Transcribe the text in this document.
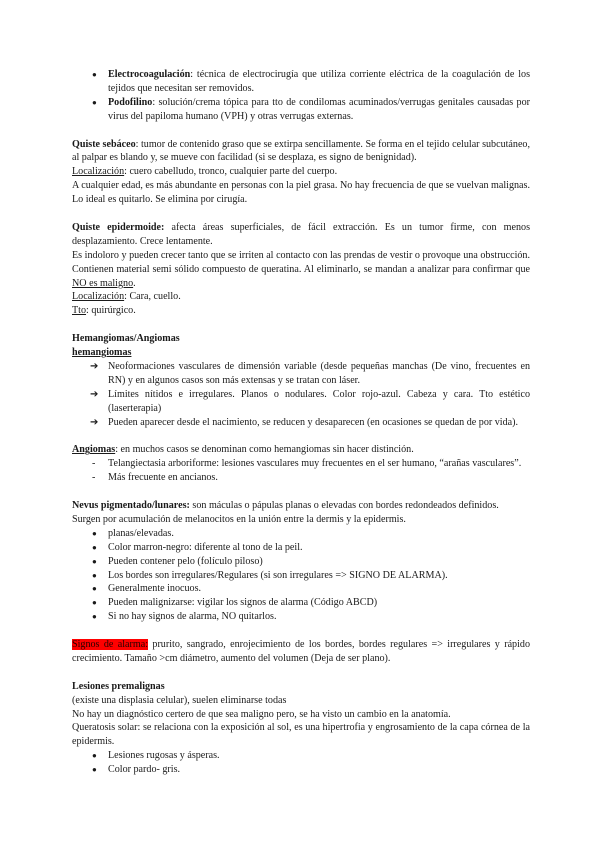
● Electrocoagulación: técnica de electrocirugía que utiliza corriente eléctrica de la coagulación de los tejidos que necesitan ser removidos.
● Podofilino: solución/crema tópica para tto de condilomas acuminados/verrugas genitales causadas por virus del papiloma humano (VPH) y otras verrugas externas.

Quiste sebáceo: tumor de contenido graso que se extirpa sencillamente. Se forma en el tejido celular subcutáneo, al palpar es blando y, se mueve con facilidad (si se desplaza, es signo de benignidad).

Localización: cuero cabelludo, tronco, cualquier parte del cuerpo.

A cualquier edad, es más abundante en personas con la piel grasa. No hay frecuencia de que se vuelvan malignas. Lo ideal es quitarlo. Se elimina por cirugía.

Quiste epidermoide: afecta áreas superficiales, de fácil extracción. Es un tumor firme, con menos desplazamiento. Crece lentamente.

Es indoloro y pueden crecer tanto que se irriten al contacto con las prendas de vestir o provoque una obstrucción. Contienen material semi sólido compuesto de queratina. Al eliminarlo, se mandan a analizar para confirmar que NO es maligno.

Localización: Cara, cuello.

Tto: quirúrgico.

Hemangiomas/Angiomas

hemangiomas

➔ Neoformaciones vasculares de dimensión variable (desde pequeñas manchas (De vino, frecuentes en RN) y en algunos casos son más extensas y se tratan con láser.
➔ Límites nítidos e irregulares. Planos o nodulares. Color rojo-azul. Cabeza y cara. Tto estético (laserterapia)
➔ Pueden aparecer desde el nacimiento, se reducen y desaparecen (en ocasiones se quedan de por vida).

Angiomas: en muchos casos se denominan como hemangiomas sin hacer distinción.

- Telangiectasia arboriforme: lesiones vasculares muy frecuentes en el ser humano, “arañas vasculares”.
- Más frecuente en ancianos.

Nevus pigmentado/lunares: son máculas o pápulas planas o elevadas con bordes redondeados definidos.

Surgen por acumulación de melanocitos en la unión entre la dermis y la epidermis.

● planas/elevadas.
● Color marron-negro: diferente al tono de la peil.
● Pueden contener pelo (folículo piloso)
● Los bordes son irregulares/Regulares (si son irregulares => SIGNO DE ALARMA).
● Generalmente inocuos.
● Pueden malignizarse: vigilar los signos de alarma (Código ABCD)
● Si no hay signos de alarma, NO quitarlos.

Signos de alarma: prurito, sangrado, enrojecimiento de los bordes, bordes regulares => irregulares y rápido crecimiento. Tamaño >cm diámetro, aumento del volumen (Deja de ser plano).

Lesiones premalignas

(existe una displasia celular), suelen eliminarse todas

No hay un diagnóstico certero de que sea maligno pero, se ha visto un cambio en la anatomía.

Queratosis solar: se relaciona con la exposición al sol, es una hipertrofia y engrosamiento de la capa córnea de la epidermis.

● Lesiones rugosas y ásperas.
● Color pardo- gris.
